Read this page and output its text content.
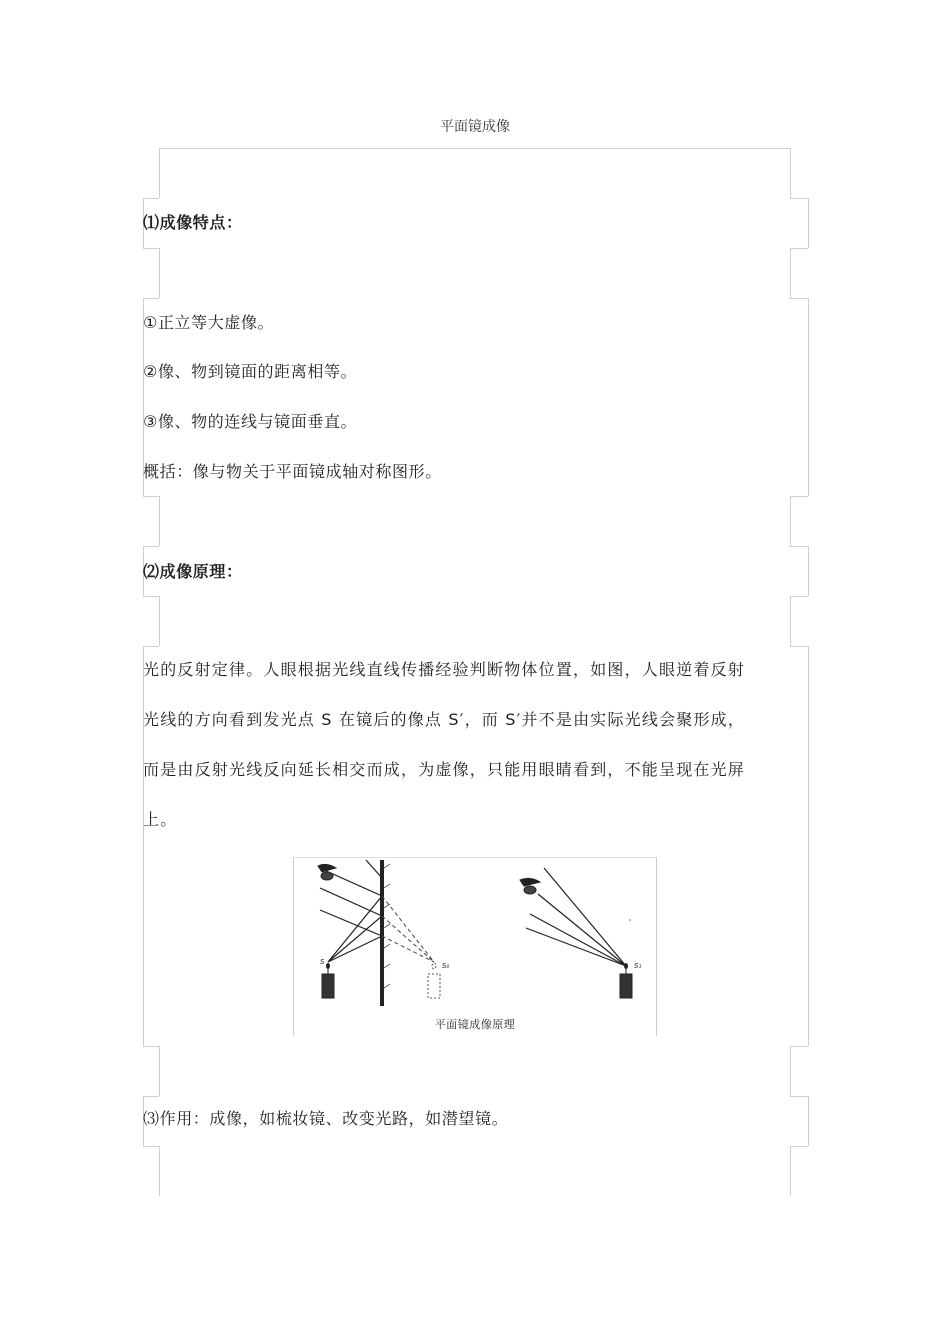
平面镜成像
⑴成像特点：
①正立等大虚像。
②像、物到镜面的距离相等。
③像、物的连线与镜面垂直。
概括：像与物关于平面镜成轴对称图形。
⑵成像原理：
光的反射定律。人眼根据光线直线传播经验判断物体位置，如图，人眼逆着反射
光线的方向看到发光点 S 在镜后的像点 S′，而 S′并不是由实际光线会聚形成，
而是由反射光线反向延长相交而成，为虚像，只能用眼睛看到，不能呈现在光屏
上。
S	S₀	S₁
平面镜成像原理
⑶作用：成像，如梳妆镜、改变光路，如潜望镜。
